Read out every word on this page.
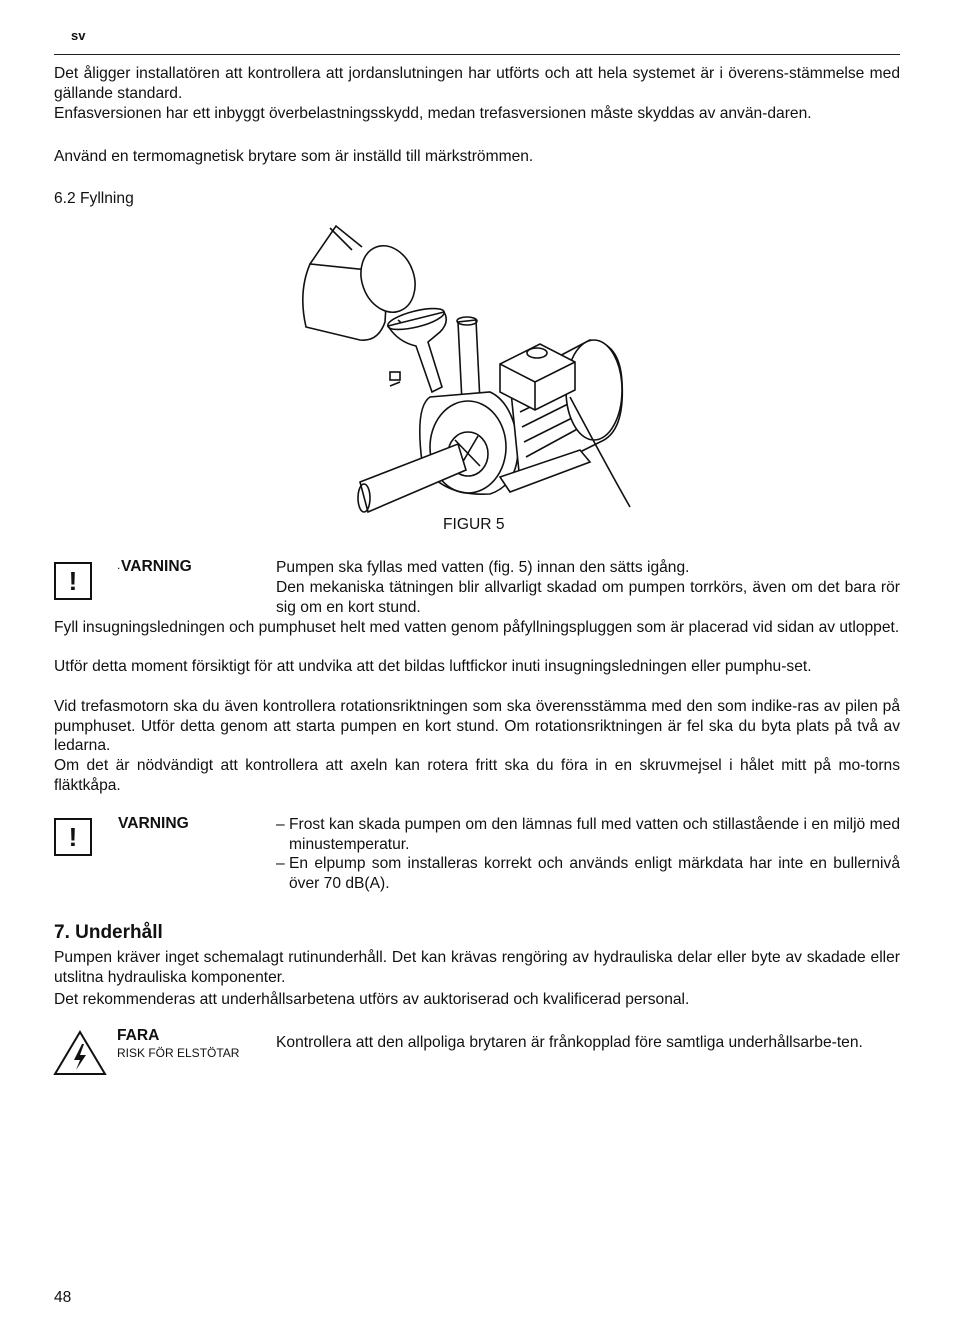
sv
Det åligger installatören att kontrollera att jordanslutningen har utförts och att hela systemet är i överens-stämmelse med gällande standard.
Enfasversionen har ett inbyggt överbelastningsskydd, medan trefasversionen måste skyddas av använ-daren.
Använd en termomagnetisk brytare som är inställd till märkströmmen.
6.2 Fyllning
FIGUR 5
!
. VARNING	Pumpen ska fyllas med vatten (fig. 5) innan den sätts igång.
Den mekaniska tätningen blir allvarligt skadad om pumpen torrkörs, även om det bara rör sig om en kort stund.
Fyll insugningsledningen och pumphuset helt med vatten genom påfyllningspluggen som är placerad vid sidan av utloppet.
Utför detta moment försiktigt för att undvika att det bildas luftfickor inuti insugningsledningen eller pumphu-set.
Vid trefasmotorn ska du även kontrollera rotationsriktningen som ska överensstämma med den som indike-ras av pilen på pumphuset. Utför detta genom att starta pumpen en kort stund. Om rotationsriktningen är fel ska du byta plats på två av ledarna.
Om det är nödvändigt att kontrollera att axeln kan rotera fritt ska du föra in en skruvmejsel i hålet mitt på mo-torns fläktkåpa.
!	VARNING	– Frost kan skada pumpen om den lämnas full med vatten och stillastående i en miljö med minustemperatur.
– En elpump som installeras korrekt och används enligt märkdata har inte en bullernivå över 70 dB(A).
7. Underhåll
Pumpen kräver inget schemalagt rutinunderhåll. Det kan krävas rengöring av hydrauliska delar eller byte av skadade eller utslitna hydrauliska komponenter.
Det rekommenderas att underhållsarbetena utförs av auktoriserad och kvalificerad personal.
FARA
RISK FÖR ELSTÖTAR
Kontrollera att den allpoliga brytaren är frånkopplad före samtliga underhållsarbe-ten.
48
